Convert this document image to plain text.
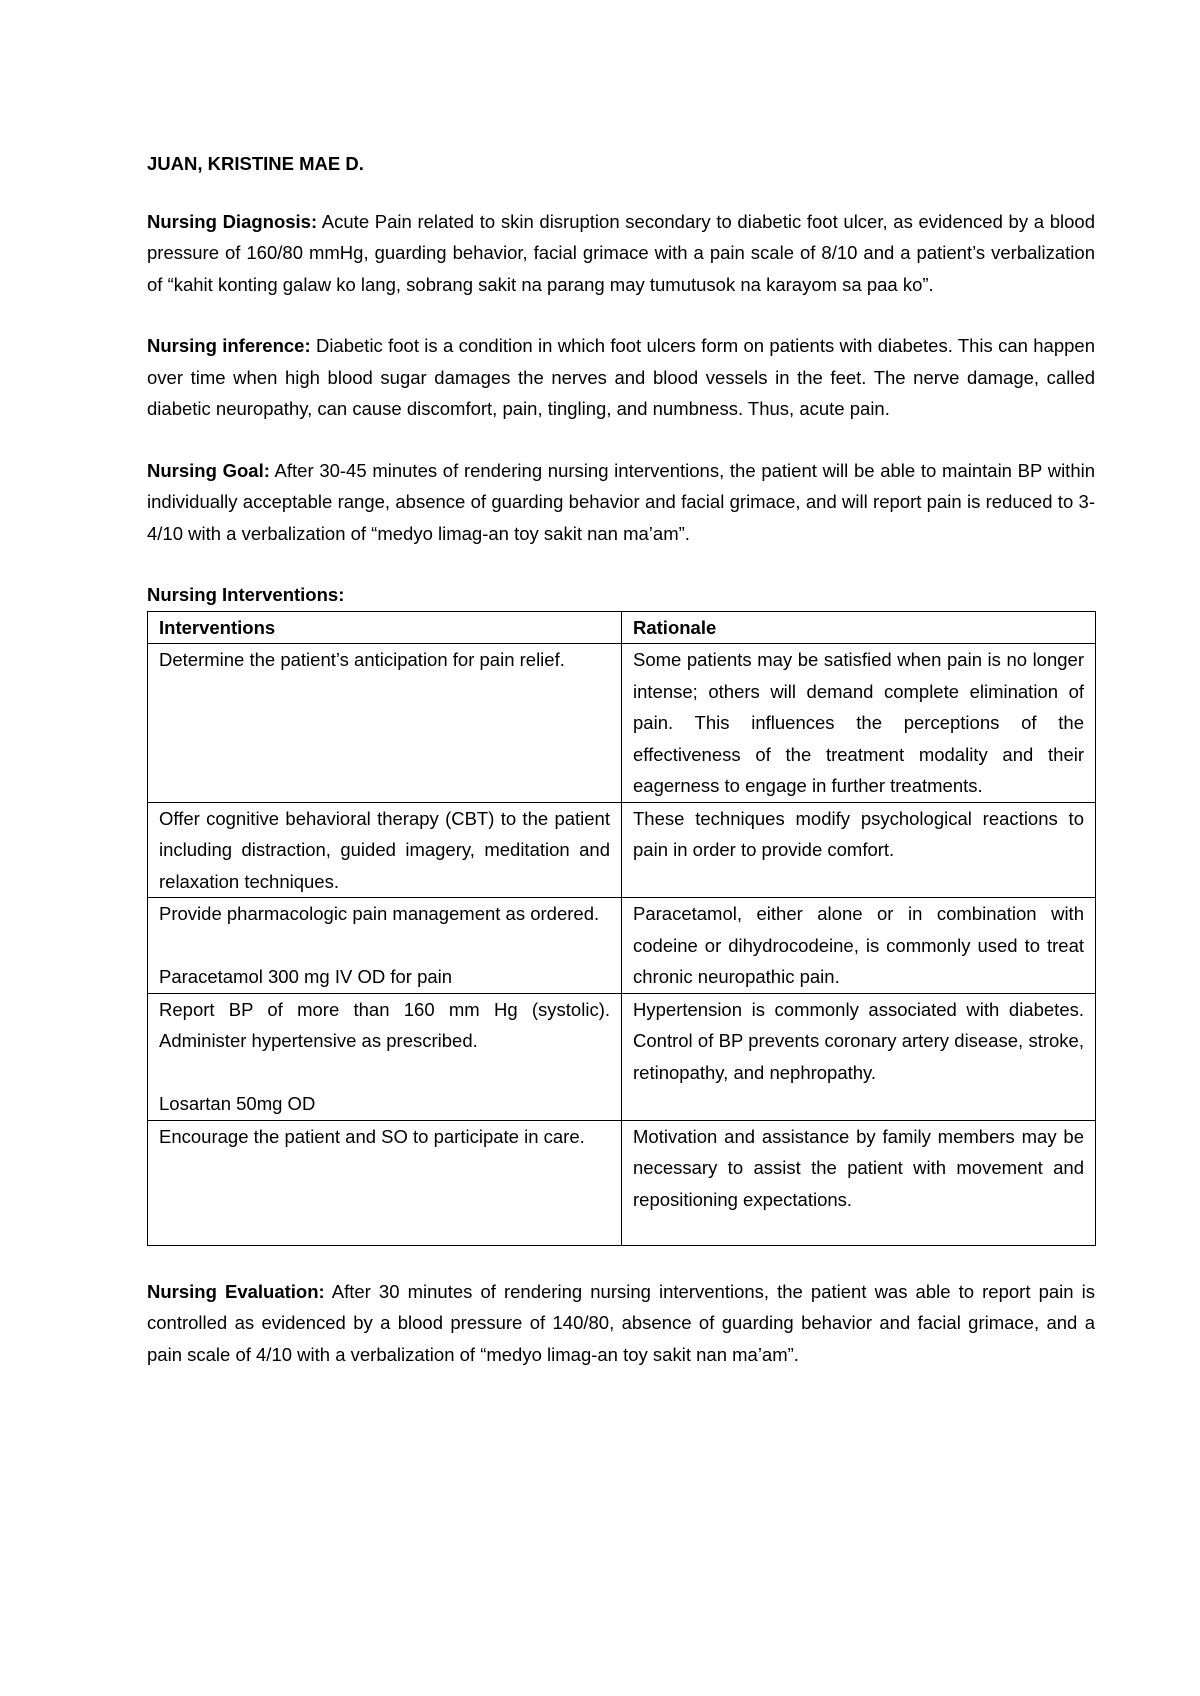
JUAN, KRISTINE MAE D.

Nursing Diagnosis: Acute Pain related to skin disruption secondary to diabetic foot ulcer, as evidenced by a blood pressure of 160/80 mmHg, guarding behavior, facial grimace with a pain scale of 8/10 and a patient’s verbalization of “kahit konting galaw ko lang, sobrang sakit na parang may tumutusok na karayom sa paa ko”.

Nursing inference: Diabetic foot is a condition in which foot ulcers form on patients with diabetes. This can happen over time when high blood sugar damages the nerves and blood vessels in the feet. The nerve damage, called diabetic neuropathy, can cause discomfort, pain, tingling, and numbness. Thus, acute pain.

Nursing Goal: After 30-45 minutes of rendering nursing interventions, the patient will be able to maintain BP within individually acceptable range, absence of guarding behavior and facial grimace, and will report pain is reduced to 3-4/10 with a verbalization of “medyo limag-an toy sakit nan ma’am”.

Nursing Interventions:

Interventions	Rationale

Determine the patient’s anticipation for pain relief.	Some patients may be satisfied when pain is no longer intense; others will demand complete elimination of pain. This influences the perceptions of the effectiveness of the treatment modality and their eagerness to engage in further treatments.

Offer cognitive behavioral therapy (CBT) to the patient including distraction, guided imagery, meditation and relaxation techniques.	These techniques modify psychological reactions to pain in order to provide comfort.

Provide pharmacologic pain management as ordered.
Paracetamol 300 mg IV OD for pain	Paracetamol, either alone or in combination with codeine or dihydrocodeine, is commonly used to treat chronic neuropathic pain.

Report BP of more than 160 mm Hg (systolic). Administer hypertensive as prescribed.
Losartan 50mg OD	Hypertension is commonly associated with diabetes. Control of BP prevents coronary artery disease, stroke, retinopathy, and nephropathy.

Encourage the patient and SO to participate in care.	Motivation and assistance by family members may be necessary to assist the patient with movement and repositioning expectations.

Nursing Evaluation: After 30 minutes of rendering nursing interventions, the patient was able to report pain is controlled as evidenced by a blood pressure of 140/80, absence of guarding behavior and facial grimace, and a pain scale of 4/10 with a verbalization of “medyo limag-an toy sakit nan ma’am”.
